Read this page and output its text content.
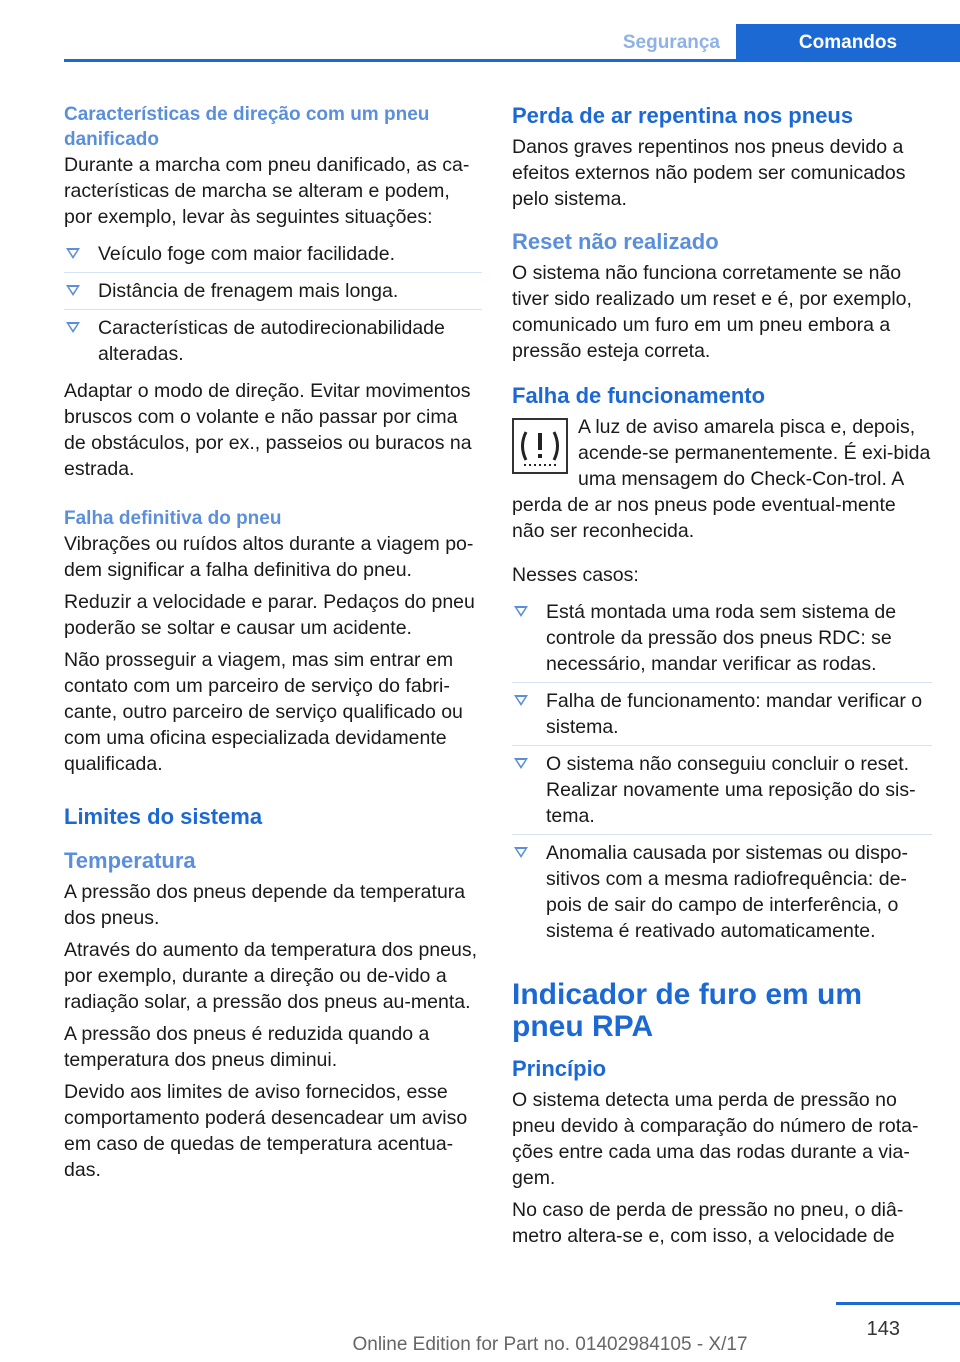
Segurança	Comandos
Características de direção com um pneu danificado

Durante a marcha com pneu danificado, as ca-racterísticas de marcha se alteram e podem, por exemplo, levar às seguintes situações:

Veículo foge com maior facilidade.
Distância de frenagem mais longa.
Características de autodirecionabilidade alteradas.

Adaptar o modo de direção. Evitar movimentos bruscos com o volante e não passar por cima de obstáculos, por ex., passeios ou buracos na estrada.

Falha definitiva do pneu

Vibrações ou ruídos altos durante a viagem po-dem significar a falha definitiva do pneu.

Reduzir a velocidade e parar. Pedaços do pneu poderão se soltar e causar um acidente.

Não prosseguir a viagem, mas sim entrar em contato com um parceiro de serviço do fabri-cante, outro parceiro de serviço qualificado ou com uma oficina especializada devidamente qualificada.

Limites do sistema
Temperatura

A pressão dos pneus depende da temperatura dos pneus.

Através do aumento da temperatura dos pneus, por exemplo, durante a direção ou de-vido a radiação solar, a pressão dos pneus au-menta.

A pressão dos pneus é reduzida quando a temperatura dos pneus diminui.

Devido aos limites de aviso fornecidos, esse comportamento poderá desencadear um aviso em caso de quedas de temperatura acentua-das.

Perda de ar repentina nos pneus

Danos graves repentinos nos pneus devido a efeitos externos não podem ser comunicados pelo sistema.

Reset não realizado

O sistema não funciona corretamente se não tiver sido realizado um reset e é, por exemplo, comunicado um furo em um pneu embora a pressão esteja correta.

Falha de funcionamento

A luz de aviso amarela pisca e, depois, acende-se permanentemente. É exi-bida uma mensagem do Check-Con-trol. A perda de ar nos pneus pode eventual-mente não ser reconhecida.

Nesses casos:

Está montada uma roda sem sistema de controle da pressão dos pneus RDC: se necessário, mandar verificar as rodas.
Falha de funcionamento: mandar verificar o sistema.
O sistema não conseguiu concluir o reset. Realizar novamente uma reposição do sis-tema.
Anomalia causada por sistemas ou dispo-sitivos com a mesma radiofrequência: de-pois de sair do campo de interferência, o sistema é reativado automaticamente.
Indicador de furo em um pneu RPA
Princípio

O sistema detecta uma perda de pressão no pneu devido à comparação do número de rota-ções entre cada uma das rodas durante a via-gem.

No caso de perda de pressão no pneu, o diâ-metro altera-se e, com isso, a velocidade de

143
Online Edition for Part no. 01402984105 - X/17
